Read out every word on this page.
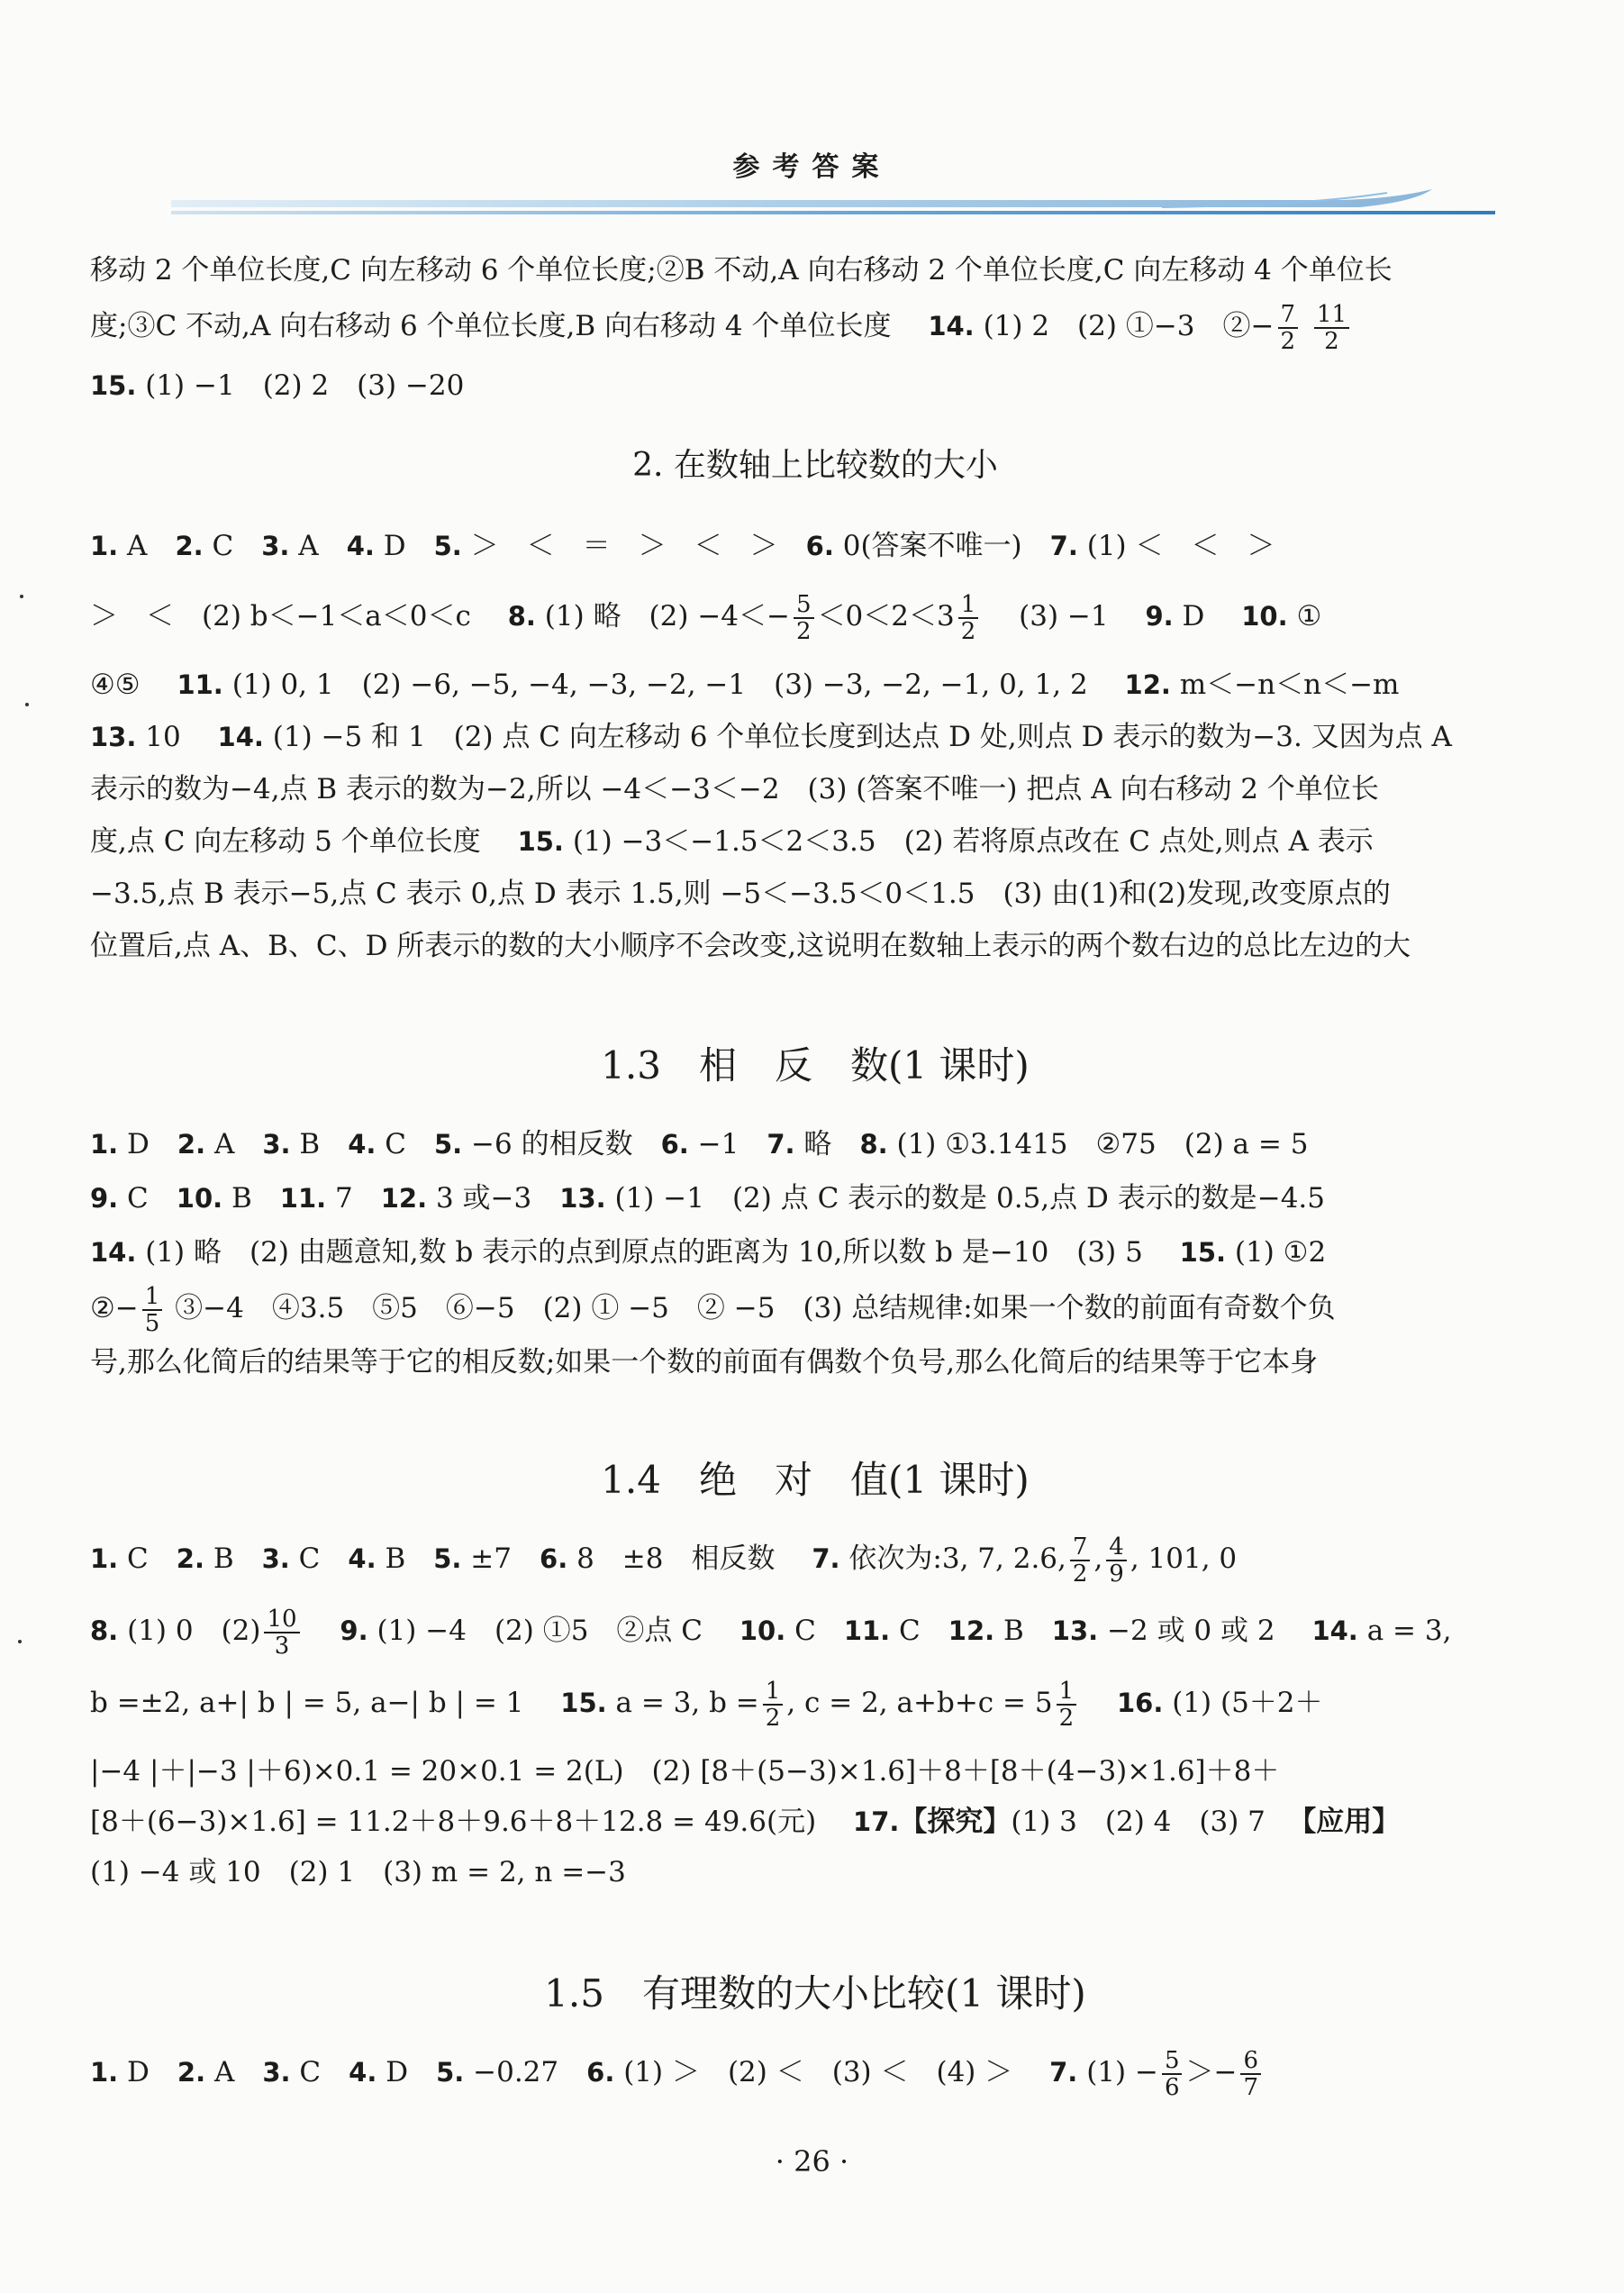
参考答案
移动 2 个单位长度,C 向左移动 6 个单位长度;②B 不动,A 向右移动 2 个单位长度,C 向左移动 4 个单位长
度;③C 不动,A 向右移动 6 个单位长度,B 向右移动 4 个单位长度 　 14. (1) 2　(2) ①−3　②− $\frac{7}{2}$
$\frac{11}{2}$
15. (1) −1　(2) 2　(3) −20
2. 在数轴上比较数的大小
1. A　 2. C　 3. A　 4. D　 5. ＞　＜　＝　＞　＜　＞　 6. 0(答案不唯一)　 7. (1) ＜　＜　＞
＞　＜　(2) b＜−1＜a＜0＜c 　 8. (1) 略　$(2) -4<- \frac{5}{2} <0<2<3 \frac{1}{2}$
　 (3) −1 　 9. D 　 10. ①
④⑤ 　 11. (1) 0, 1　(2) −6, −5, −4, −3, −2, −1　(3) −3, −2, −1, 0, 1, 2 　 12. m＜−n＜n＜−m
13. 10 　 14. (1) −5 和 1　(2) 点 C 向左移动 6 个单位长度到达点 D 处,则点 D 表示的数为−3. 又因为点 A
表示的数为−4,点 B 表示的数为−2,所以 −4＜−3＜−2　(3) (答案不唯一) 把点 A 向右移动 2 个单位长
度,点 C 向左移动 5 个单位长度 　 15. (1) −3＜−1.5＜2＜3.5　(2) 若将原点改在 C 点处,则点 A 表示
−3.5,点 B 表示−5,点 C 表示 0,点 D 表示 1.5,则 −5＜−3.5＜0＜1.5　(3) 由(1)和(2)发现,改变原点的
位置后,点 A、B、C、D 所表示的数的大小顺序不会改变,这说明在数轴上表示的两个数右边的总比左边的大
1.3　相　反　数(1 课时)
1. D　 2. A　 3. B　 4. C　 5. −6 的相反数　 6. −1　 7. 略　 8. (1) ①3.1415　②75　(2) a = 5
9. C　 10. B　 11. 7　 12. 3 或−3　 13. (1) −1　(2) 点 C 表示的数是 0.5,点 D 表示的数是−4.5
14. (1) 略　(2) 由题意知,数 b 表示的点到原点的距离为 10,所以数 b 是−10　(3) 5 　 15. (1) ①2
②− $\frac{1}{5}$ ③−4　④3.5　⑤5　⑥−5　(2) ① −5　② −5　(3) 总结规律:如果一个数的前面有奇数个负
号,那么化简后的结果等于它的相反数;如果一个数的前面有偶数个负号,那么化简后的结果等于它本身
1.4　绝　对　值(1 课时)
1. C　 2. B　 3. C　 4. B　 5. ±7　 6. 8　±8　相反数 　 7. 依次为:3, 7, 2.6, $\frac{7}{2}$ , $\frac{4}{9}$ , 101, 0
8. (1) 0　$(2) \frac{10}{3}$
　 9. (1) −4　(2) ①5　②点 C 　 10. C　 11. C　 12. B　 13. −2 或 0 或 2 　 14. a = 3,
b =±2, a+| b | = 5, a−| b | = 1 　 15. a = 3, $b = \frac{1}{2}$ , c = 2, $a+b+c = 5 \frac{1}{2}$
　 16. (1) (5＋2＋
|−4 |＋|−3 |＋6)×0.1 = 20×0.1 = 2(L)　(2) [8＋(5−3)×1.6]＋8＋[8＋(4−3)×1.6]＋8＋
[8＋(6−3)×1.6] = 11.2＋8＋9.6＋8＋12.8 = 49.6(元) 　 17.【探究】(1) 3　(2) 4　(3) 7 　 【应用】
(1) −4 或 10　(2) 1　(3) m = 2, n =−3
1.5　有理数的大小比较(1 课时)
1. D　 2. A　 3. C　 4. D　 5. −0.27　 6. (1) ＞　(2) ＜　(3) ＜　(4) ＞ 　 7. $(1) - \frac{5}{6} >- \frac{6}{7}$
· 26 ·
